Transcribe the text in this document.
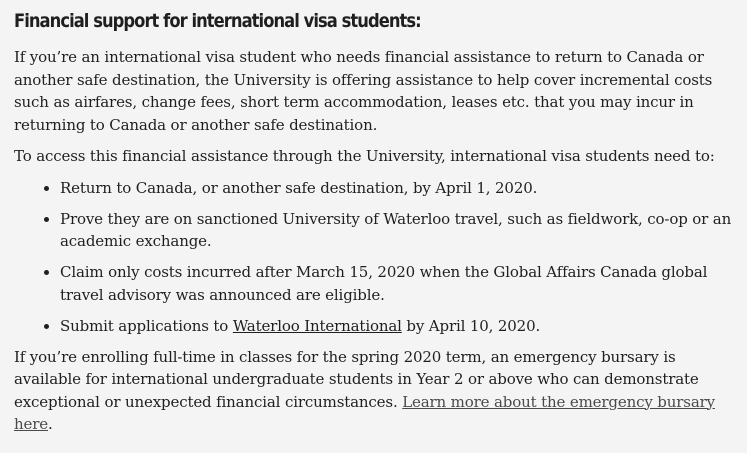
Financial support for international visa students:

If you’re an international visa student who needs financial assistance to return to Canada or another safe destination, the University is offering assistance to help cover incremental costs such as airfares, change fees, short term accommodation, leases etc. that you may incur in returning to Canada or another safe destination.

To access this financial assistance through the University, international visa students need to:

Return to Canada, or another safe destination, by April 1, 2020.
Prove they are on sanctioned University of Waterloo travel, such as fieldwork, co-op or an academic exchange.
Claim only costs incurred after March 15, 2020 when the Global Affairs Canada global travel advisory was announced are eligible.
Submit applications to Waterloo International by April 10, 2020.

If you’re enrolling full-time in classes for the spring 2020 term, an emergency bursary is available for international undergraduate students in Year 2 or above who can demonstrate exceptional or unexpected financial circumstances. Learn more about the emergency bursary here.
